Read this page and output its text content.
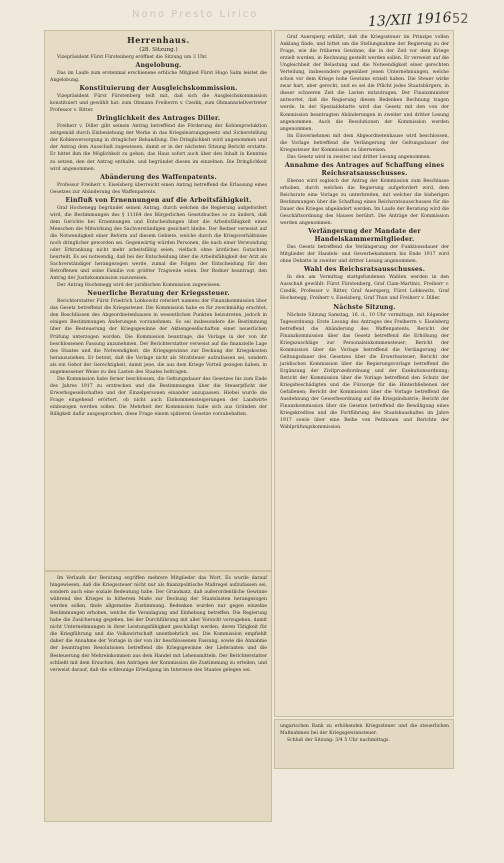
Nono Presto Lirico	13/XII 1916 52
Herrenhaus.
(28. Sitzung.)

Vizepräsident Fürst Fürstenberg eröffnet die Sitzung um 3 Uhr.

Angelobung.

Das im Laufe zum erstenmal erschienene erbliche Mitglied Fürst Hugo Salm leistet die Angelobung.

Konstituierung der Ausgleichskommission.

Vizepräsident Fürst Fürstenberg teilt mit, daß sich die Ausgleichskommission konstituiert und gewählt hat: zum Obmann Freiherrn v. Czedik, zum Obmannstellvertreter Professor v. Ritter.

Dringlichkeit des Antrages Diller.

Freiherr v. Diller gibt seinem Antrag betreffend die Förderung der Kohlenproduktion zeitgemäß durch Einbeziehung der Werke in das Kriegsleistungsgesetz und Sicherstellung der Kohlenversorgung in dringlicher Behandlung. Die Dringlichkeit wird angenommen und der Antrag dem Ausschuß zugewiesen, damit er in der nächsten Sitzung Bericht erstatte. Er bittet ihm die Möglichkeit zu geben, das Haus sofort auch über den Inhalt in Kenntnis zu setzen, den der Antrag enthalte, und begründet diesen im einzelnen. Die Dringlichkeit wird angenommen.

Abänderung des Waffenpatents.

Professor Freiherr v. Eiselsberg überreicht einen Antrag betreffend die Erlassung eines Gesetzes zur Abänderung des Waffenpatents.

Einfluß von Ernennungen auf die Arbeitsfähigkeit.

Graf Hochenegg begründet seinen Antrag, durch welchen die Regierung aufgefordert wird, die Bestimmungen des § 11164 des Bürgerlichen Gesetzbuches so zu ändern, daß dem Gerichte bei Ernennungen und Entscheidungen über die Arbeitsfähigkeit eines Menschen die Mitwirkung des Sachverständigen gesichert bleibe. Der Redner verweist auf die Notwendigkeit einer Reform auf diesem Gebiete, welche durch die Kriegsverhältnisse noch dringlicher geworden sei. Gegenwärtig würden Personen, die nach einer Verwundung oder Erkrankung nicht mehr arbeitsfähig seien, vielfach ohne ärztliches Gutachten beurteilt. Es sei notwendig, daß bei der Entscheidung über die Arbeitsfähigkeit der Arzt als Sachverständiger herangezogen werde, zumal die Folgen der Entscheidung für den Betroffenen und seine Familie von größter Tragweite seien. Der Redner beantragt, den Antrag der Justizkommission zuzuweisen.

Der Antrag Hochenegg wird der juridischen Kommission zugewiesen.

Neuerliche Beratung der Kriegssteuer.

Berichterstatter Fürst Friedrich Lobkowitz referiert namens der Finanzkommission über das Gesetz betreffend die Kriegssteuer. Die Kommission habe es für zweckmäßig erachtet, den Beschlüssen des Abgeordnetenhauses in wesentlichen Punkten beizutreten, jedoch in einigen Bestimmungen Änderungen vorzunehmen. So sei insbesondere die Bestimmung über die Besteuerung der Kriegsgewinne der Aktiengesellschaften einer neuerlichen Prüfung unterzogen worden. Die Kommission beantrage, die Vorlage in der von ihr beschlossenen Fassung anzunehmen. Der Berichterstatter verweist auf die finanzielle Lage des Staates und die Notwendigkeit, die Kriegsgewinne zur Deckung der Kriegskosten heranzuziehen. Er betont, daß die Vorlage nicht als Strafsteuer aufzufassen sei, sondern als ein Gebot der Gerechtigkeit, damit jene, die aus dem Kriege Vorteil gezogen haben, in angemessener Weise zu den Lasten des Staates beitragen.

Die Kommission habe ferner beschlossen, die Geltungsdauer des Gesetzes bis zum Ende des Jahres 1917 zu erstrecken und die Bestimmungen über die Steuerpflicht der Erwerbsgesellschaften und der Einzelpersonen einander anzupassen. Hiebei wurde die Frage eingehend erörtert, ob nicht auch Einkommensteigerungen der Landwirte einbezogen werden sollen. Die Mehrheit der Kommission habe sich aus Gründen der Billigkeit dafür ausgesprochen, diese Frage einem späteren Gesetze vorzubehalten.

Im Verlaufe der Beratung ergriffen mehrere Mitglieder das Wort. Es wurde darauf hingewiesen, daß die Kriegssteuer nicht nur als finanzpolitische Maßregel aufzufassen sei, sondern auch eine soziale Bedeutung habe. Der Grundsatz, daß außerordentliche Gewinne während des Krieges in höherem Maße zur Deckung der Staatslasten herangezogen werden sollen, finde allgemeine Zustimmung. Bedenken wurden nur gegen einzelne Bestimmungen erhoben, welche die Veranlagung und Einhebung betreffen. Die Regierung habe die Zusicherung gegeben, bei der Durchführung mit aller Vorsicht vorzugehen, damit nicht Unternehmungen in ihrer Leistungsfähigkeit geschädigt werden, deren Tätigkeit für die Kriegführung und die Volkswirtschaft unentbehrlich sei. Die Kommission empfiehlt daher die Annahme der Vorlage in der von ihr beschlossenen Fassung, sowie die Annahme der beantragten Resolutionen betreffend die Kriegsgewinne der Lieferanten und die Besteuerung der Mehreinkommen aus dem Handel mit Lebensmitteln. Der Berichterstatter schließt mit dem Ersuchen, den Anträgen der Kommission die Zustimmung zu erteilen, und verweist darauf, daß die schleunige Erledigung im Interesse des Staates gelegen sei.

Graf Auersperg erklärt, daß die Kriegssteuer im Prinzipe vollen Anklang finde, und bittet um die Stellungnahme der Regierung zu der Frage, wie die früheren Gewinne, die in der Zeit vor dem Kriege erzielt wurden, in Rechnung gestellt werden sollen. Er verweist auf die Ungleichheit der Belastung und die Notwendigkeit einer gerechten Verteilung, insbesondere gegenüber jenen Unternehmungen, welche schon vor dem Kriege hohe Gewinne erzielt haben. Die Steuer wirke zwar hart, aber gerecht, und es sei die Pflicht jedes Staatsbürgers, in dieser schweren Zeit die Lasten mitzutragen. Der Finanzminister antwortet, daß die Regierung diesen Bedenken Rechnung tragen werde. In der Spezialdebatte wird das Gesetz mit den von der Kommission beantragten Abänderungen in zweiter und dritter Lesung angenommen. Auch die Resolutionen der Kommission werden angenommen.

Im Einvernehmen mit dem Abgeordnetenhause wird beschlossen, die Vorlage betreffend die Verlängerung der Geltungsdauer der Kriegssteuer der Kommission zu überweisen.

Das Gesetz wird in zweiter und dritter Lesung angenommen.

Annahme des Antrages auf Schaffung eines Reichsratsausschusses.

Ebenso wird sogleich der Antrag der Kommission zum Beschlusse erhoben, durch welchen die Regierung aufgefordert wird, dem Reichsrate eine Vorlage zu unterbreiten, mit welcher die bisherigen Bestimmungen über die Schaffung eines Reichsratsausschusses für die Dauer des Krieges abgeändert werden. Im Laufe der Beratung wird die Geschäftsordnung des Hauses berührt. Die Anträge der Kommission werden angenommen.

Verlängerung der Mandate der Handelskammermitglieder.

Das Gesetz betreffend die Verlängerung der Funktionsdauer der Mitglieder der Handels- und Gewerbekammern bis Ende 1917 wird ohne Debatte in zweiter und dritter Lesung angenommen.

Wahl des Reichsratsausschusses.

In den am Vormittag stattgefundenen Wahlen werden in den Ausschuß gewählt: Fürst Fürstenberg, Graf Clam-Martinic, Freiherr v. Czedik, Professor v. Ritter, Graf Auersperg, Fürst Lobkowitz, Graf Hochenegg, Freiherr v. Eiselsberg, Graf Thun und Freiherr v. Diller.

Nächste Sitzung.

Nächste Sitzung Samstag, 16. d., 10 Uhr vormittags, mit folgender Tagesordnung: Erste Lesung des Antrages des Freiherrn v. Eiselsberg betreffend die Abänderung des Waffenpatents. Bericht der Finanzkommission über das Gesetz betreffend die Erhöhung der Kriegszuschläge zur Personaleinkommensteuer; Bericht der Kommission über die Vorlage betreffend die Verlängerung der Geltungsdauer des Gesetzes über die Erwerbssteuer; Bericht der juridischen Kommission über die Regierungsvorlage betreffend die Ergänzung der Zivilprozeßordnung und der Exekutionsordnung; Bericht der Kommission über die Vorlage betreffend den Schutz der Kriegsbeschädigten und die Fürsorge für die Hinterbliebenen der Gefallenen; Bericht der Kommission über die Vorlage betreffend die Ausdehnung der Gewerbeordnung auf die Kriegsindustrie; Bericht der Finanzkommission über die Gesetze betreffend die Bewilligung eines Kriegskredites und die Fortführung des Staatshaushaltes im Jahre 1917 sowie über eine Reihe von Petitionen und Berichte der Wahlprüfungskommission.

ungarischen Bank zu erhöhenden Kriegssteuer und die steuerlichen Maßnahmen bei der Kriegsgewinnsteuer.

Schluß der Sitzung: 3/4 5 Uhr nachmittags.
